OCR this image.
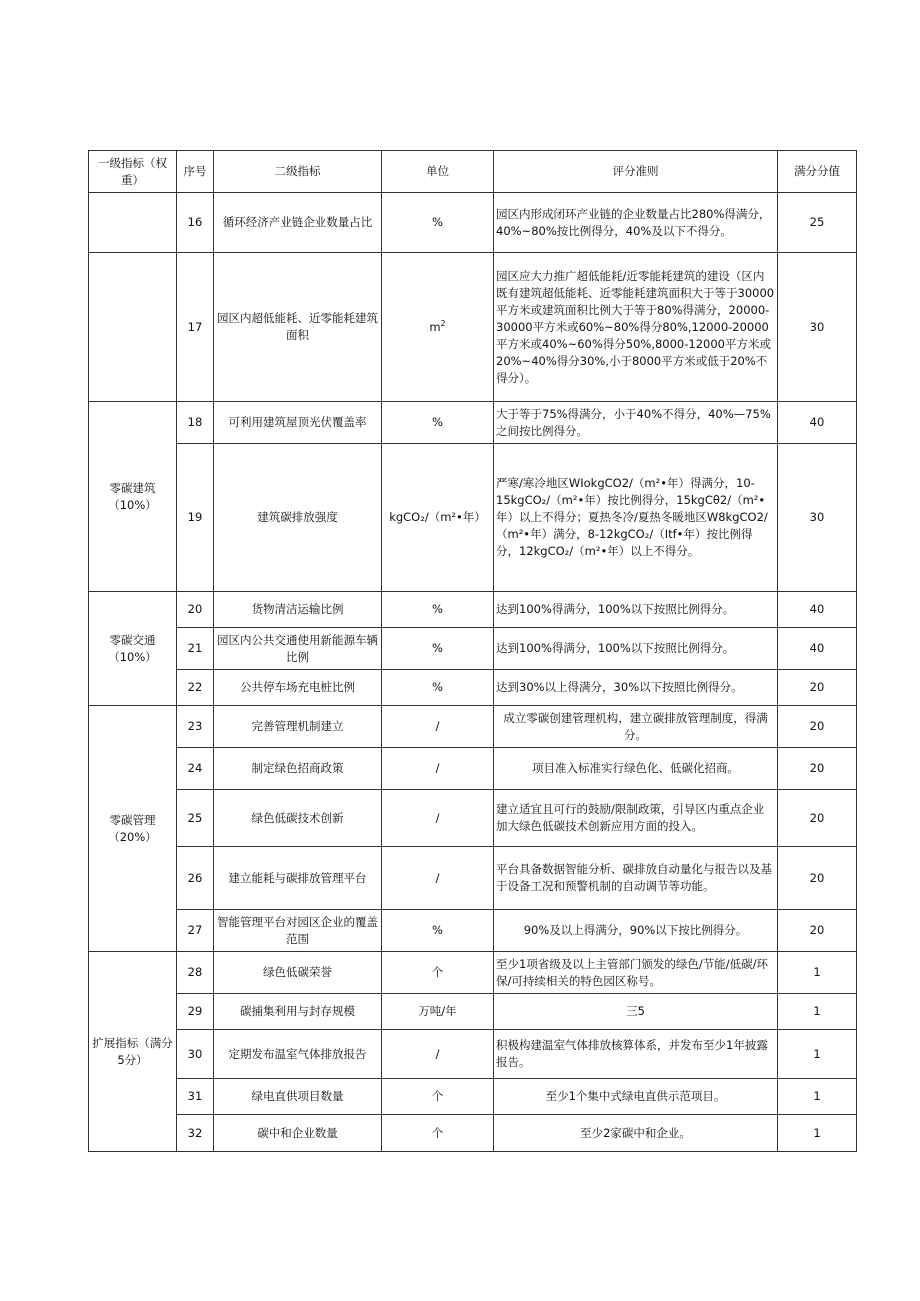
一级指标（权重）	序号	二级指标	单位	评分准则	满分分值
	16	循环经济产业链企业数量占比	%	园区内形成闭环产业链的企业数量占比280%得满分，40%~80%按比例得分，40%及以下不得分。	25
	17	园区内超低能耗、近零能耗建筑面积	$m^2$	园区应大力推广超低能耗/近零能耗建筑的建设（区内既有建筑超低能耗、近零能耗建筑面积大于等于30000平方米或建筑面积比例大于等于80%得满分，20000-30000平方米或60%~80%得分80%,12000-20000平方米或40%~60%得分50%,8000-12000平方米或20%~40%得分30%,小于8000平方米或低于20%不得分）。	30
零碳建筑（10%）	18	可利用建筑屋顶光伏覆盖率	%	大于等于75%得满分，小于40%不得分，40%—75%之间按比例得分。	40
	19	建筑碳排放强度	kgCO₂/（m²•年）	严寒/寒冷地区WIokgCO2/（m²•年）得满分，10-15kgCO₂/（m²•年）按比例得分，15kgCθ2/（m²•年）以上不得分；夏热冬冷/夏热冬暖地区W8kgCO2/（m²•年）满分，8-12kgCO₂/（Itf•年）按比例得分，12kgCO₂/（m²•年）以上不得分。	30
零碳交通（10%）	20	货物清洁运输比例	%	达到100%得满分，100%以下按照比例得分。	40
	21	园区内公共交通使用新能源车辆比例	%	达到100%得满分，100%以下按照比例得分。	40
	22	公共停车场充电桩比例	%	达到30%以上得满分，30%以下按照比例得分。	20
零碳管理（20%）	23	完善管理机制建立	/	成立零碳创建管理机构，建立碳排放管理制度，得满分。	20
	24	制定绿色招商政策	/	项目准入标准实行绿色化、低碳化招商。	20
	25	绿色低碳技术创新	/	建立适宜且可行的鼓励/限制政策，引导区内重点企业加大绿色低碳技术创新应用方面的投入。	20
	26	建立能耗与碳排放管理平台	/	平台具备数据智能分析、碳排放自动量化与报告以及基于设备工况和预警机制的自动调节等功能。	20
	27	智能管理平台对园区企业的覆盖范围	%	90%及以上得满分，90%以下按比例得分。	20
扩展指标（满分5分）	28	绿色低碳荣誉	个	至少1项省级及以上主管部门颁发的绿色/节能/低碳/环保/可持续相关的特色园区称号。	1
	29	碳捕集利用与封存规模	万吨/年	三5	1
	30	定期发布温室气体排放报告	/	积极构建温室气体排放核算体系，并发布至少1年披露报告。	1
	31	绿电直供项目数量	个	至少1个集中式绿电直供示范项目。	1
	32	碳中和企业数量	个	至少2家碳中和企业。	1
